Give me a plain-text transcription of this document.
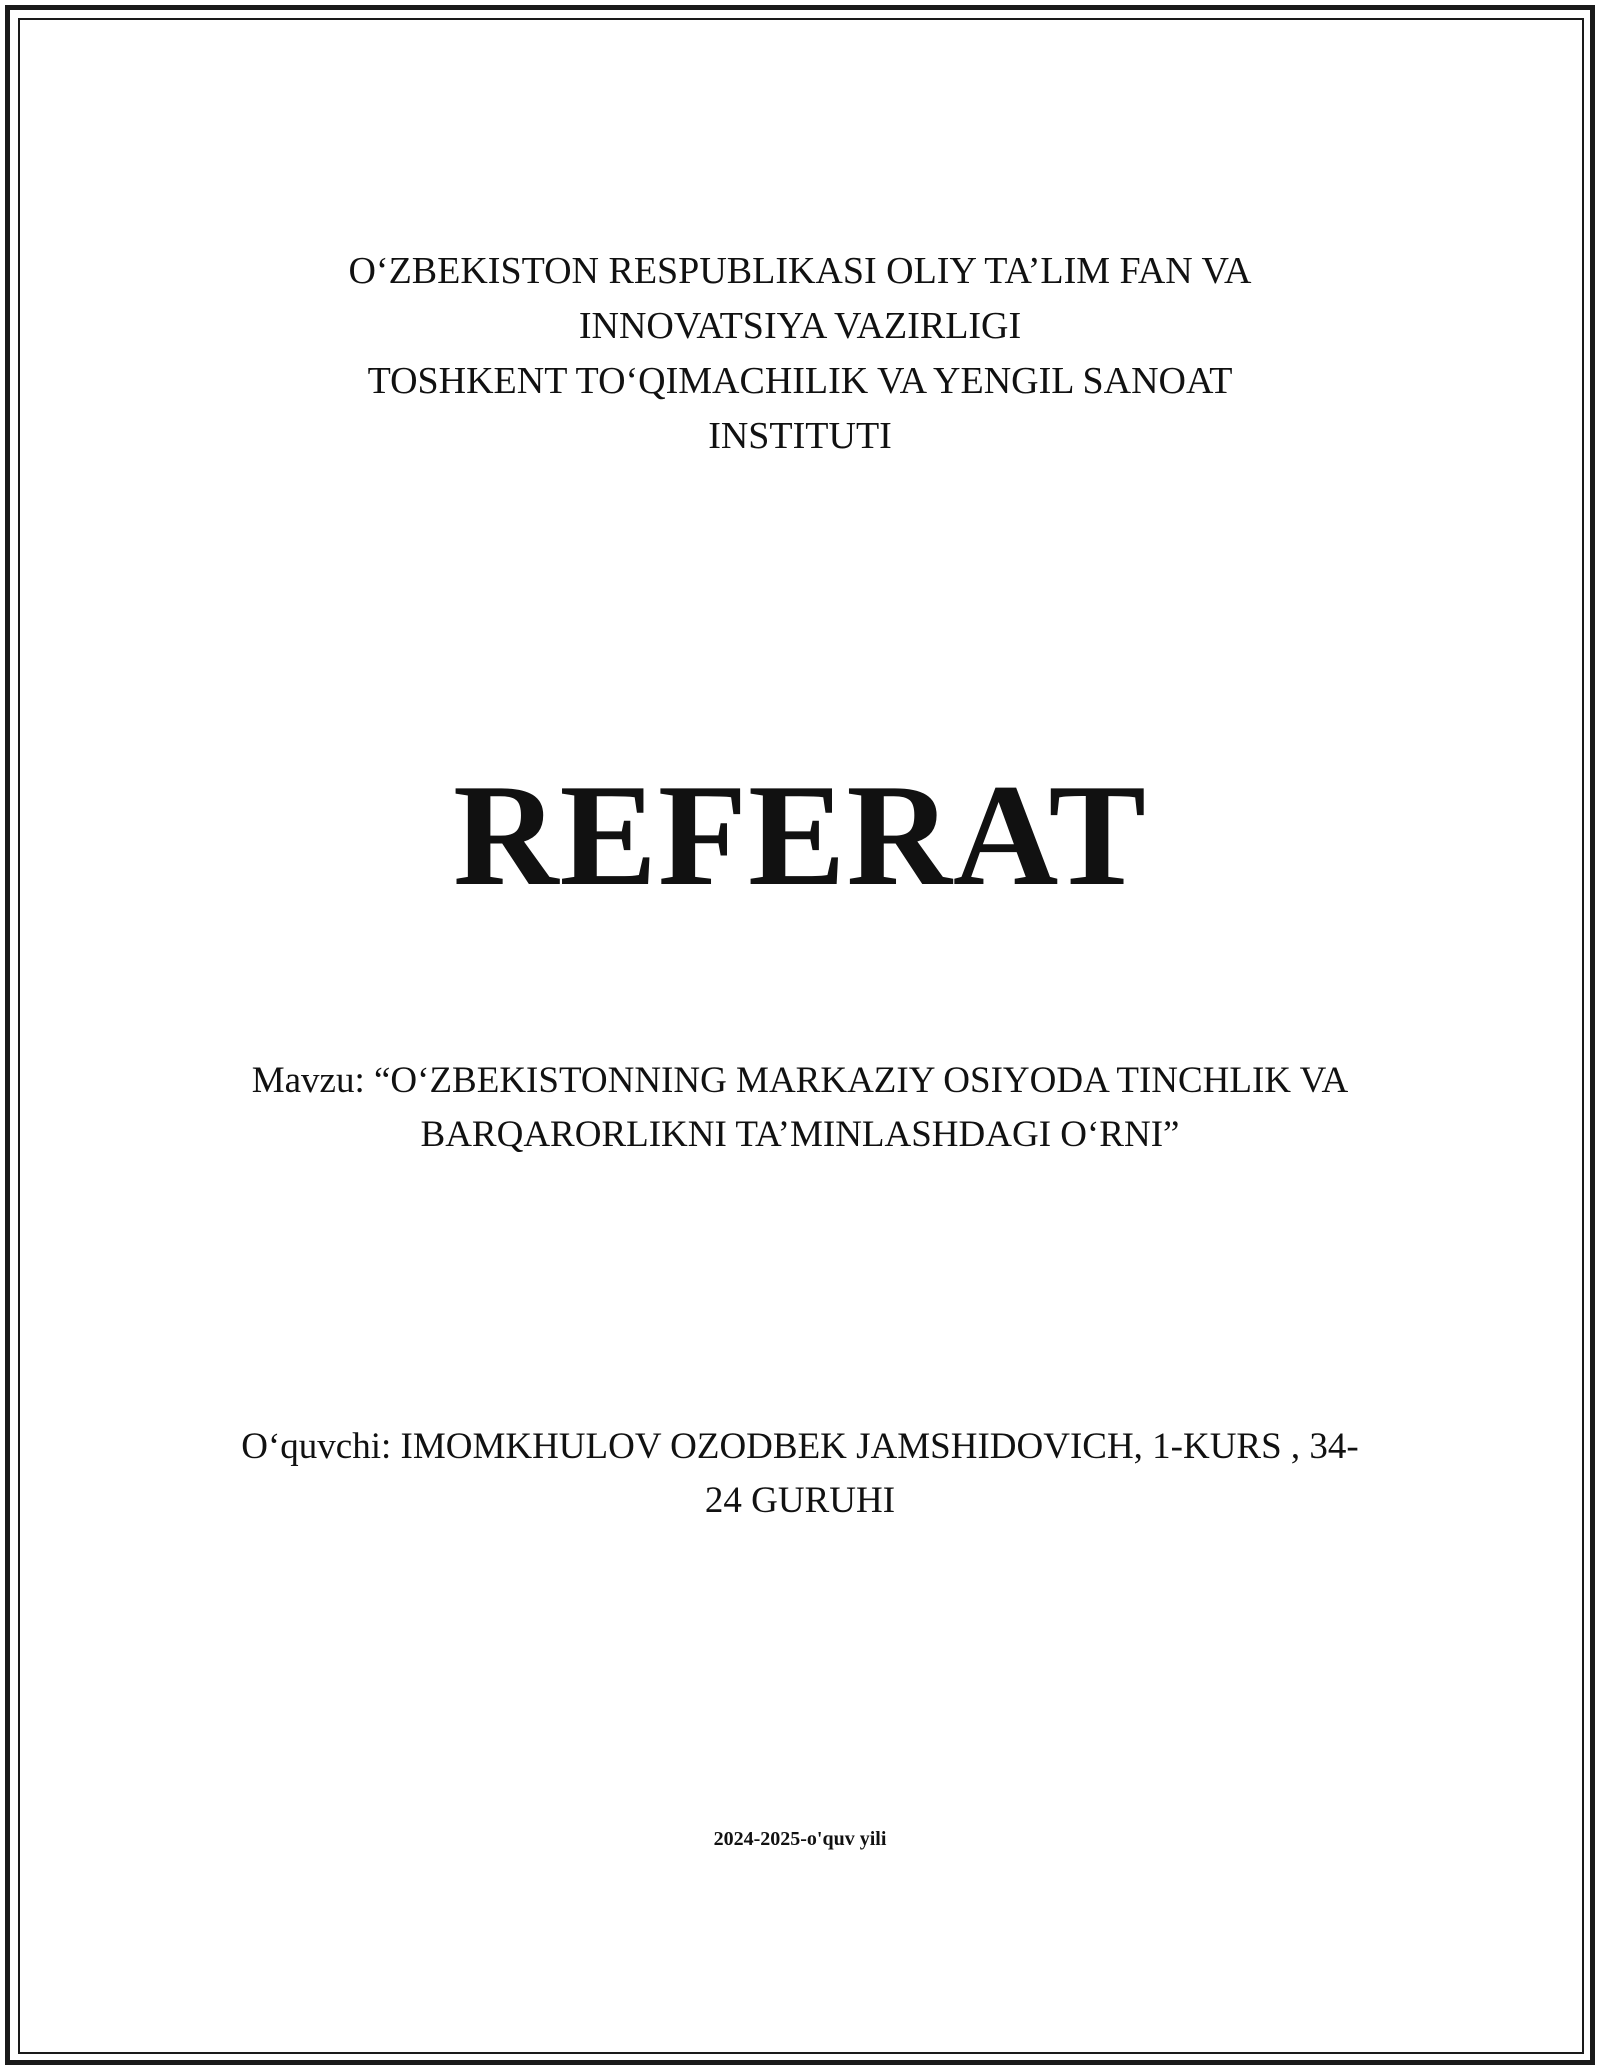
O‘ZBEKISTON RESPUBLIKASI OLIY TA’LIM FAN VA
INNOVATSIYA VAZIRLIGI
TOSHKENT TO‘QIMACHILIK VA YENGIL SANOAT
INSTITUTI
REFERAT
Mavzu: “O‘ZBEKISTONNING MARKAZIY OSIYODA TINCHLIK VA
BARQARORLIKNI TA’MINLASHDAGI O‘RNI”
O‘quvchi: IMOMKHULOV OZODBEK JAMSHIDOVICH, 1-KURS , 34-
24 GURUHI
2024-2025-o'quv yili
